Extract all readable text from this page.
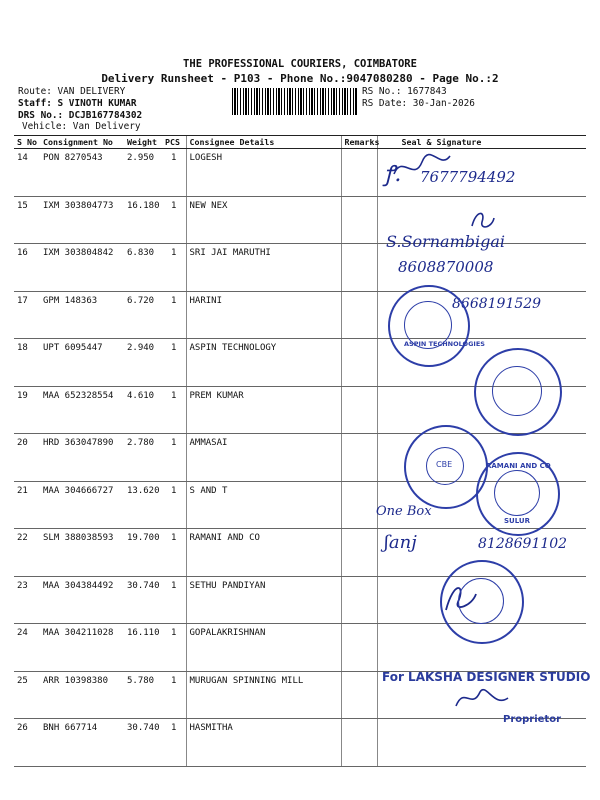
THE PROFESSIONAL COURIERS, COIMBATORE
Delivery Runsheet - P103 - Phone No.:9047080280 - Page No.:2
Route: VAN DELIVERY
Staff: S VINOTH KUMAR
DRS No.: DCJB167784302
Vehicle: Van Delivery
RS No.: 1677843
RS Date: 30-Jan-2026
S No	Consignment No	Weight	PCS	Consignee Details	Remarks	Seal & Signature
14	PON 8270543	2.950	1	LOGESH		
15	IXM 303804773	16.180	1	NEW NEX		
16	IXM 303804842	6.830	1	SRI JAI MARUTHI		
17	GPM 148363	6.720	1	HARINI		
18	UPT 6095447	2.940	1	ASPIN TECHNOLOGY		
19	MAA 652328554	4.610	1	PREM KUMAR		
20	HRD 363047890	2.780	1	AMMASAI		
21	MAA 304666727	13.620	1	S AND T		
22	SLM 388038593	19.700	1	RAMANI AND CO		
23	MAA 304384492	30.740	1	SETHU PANDIYAN		
24	MAA 304211028	16.110	1	GOPALAKRISHNAN		
25	ARR 10398380	5.780	1	MURUGAN SPINNING MILL		
26	BNH 667714	30.740	1	HASMITHA		
ꝭ. 7677794492
S.Sornambigai
8608870008
8668191529
One Box
ʃanj	8128691102
ASPIN TECHNOLOGIES
CBE	RAMANI AND CO
SULUR
For LAKSHA DESIGNER STUDIO
Proprietor
